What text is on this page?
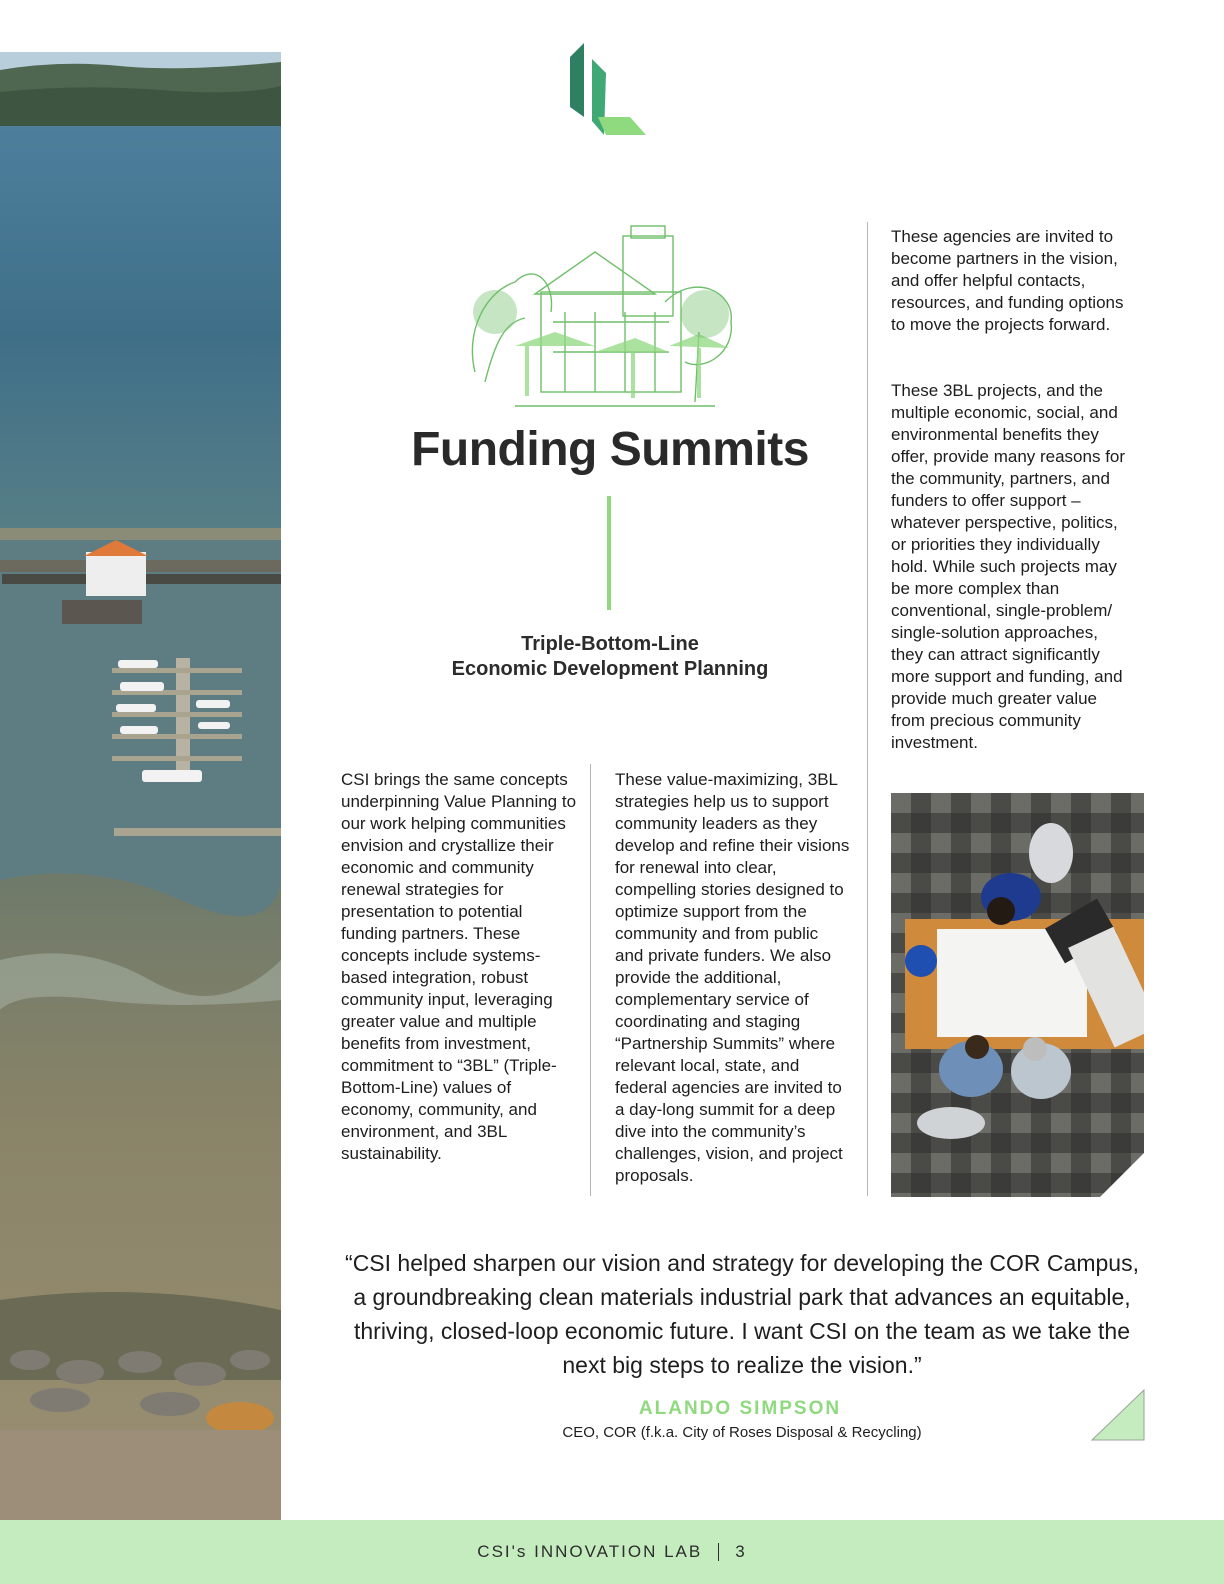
Funding Summits
Triple-Bottom-Line
Economic Development Planning

CSI brings the same concepts underpinning Value Planning to our work helping communities envision and crystallize their economic and community renewal strategies for presentation to potential funding partners. These concepts include systems-based integration, robust community input, leveraging greater value and multiple benefits from investment, commitment to “3BL” (Triple-Bottom-Line) values of economy, community, and environment, and 3BL sustainability.

These value-maximizing, 3BL strategies help us to support community leaders as they develop and refine their visions for renewal into clear, compelling stories designed to optimize support from the community and from public and private funders. We also provide the additional, complementary service of coordinating and staging “Partnership Summits” where relevant local, state, and federal agencies are invited to a day-long summit for a deep dive into the community’s challenges, vision, and project proposals.

These agencies are invited to become partners in the vision, and offer helpful contacts, resources, and funding options to move the projects forward.

These 3BL projects, and the multiple economic, social, and environmental benefits they offer, provide many reasons for the community, partners, and funders to offer support – whatever perspective, politics, or priorities they individually hold. While such projects may be more complex than conventional, single-problem/ single-solution approaches, they can attract significantly more support and funding, and provide much greater value from precious community investment.

“CSI helped sharpen our vision and strategy for developing the COR Campus, a groundbreaking clean materials industrial park that advances an equitable, thriving, closed-loop economic future. I want CSI on the team as we take the next big steps to realize the vision.”

ALANDO SIMPSON
CEO, COR (f.k.a. City of Roses Disposal & Recycling)
CSI's INNOVATION LAB 3
